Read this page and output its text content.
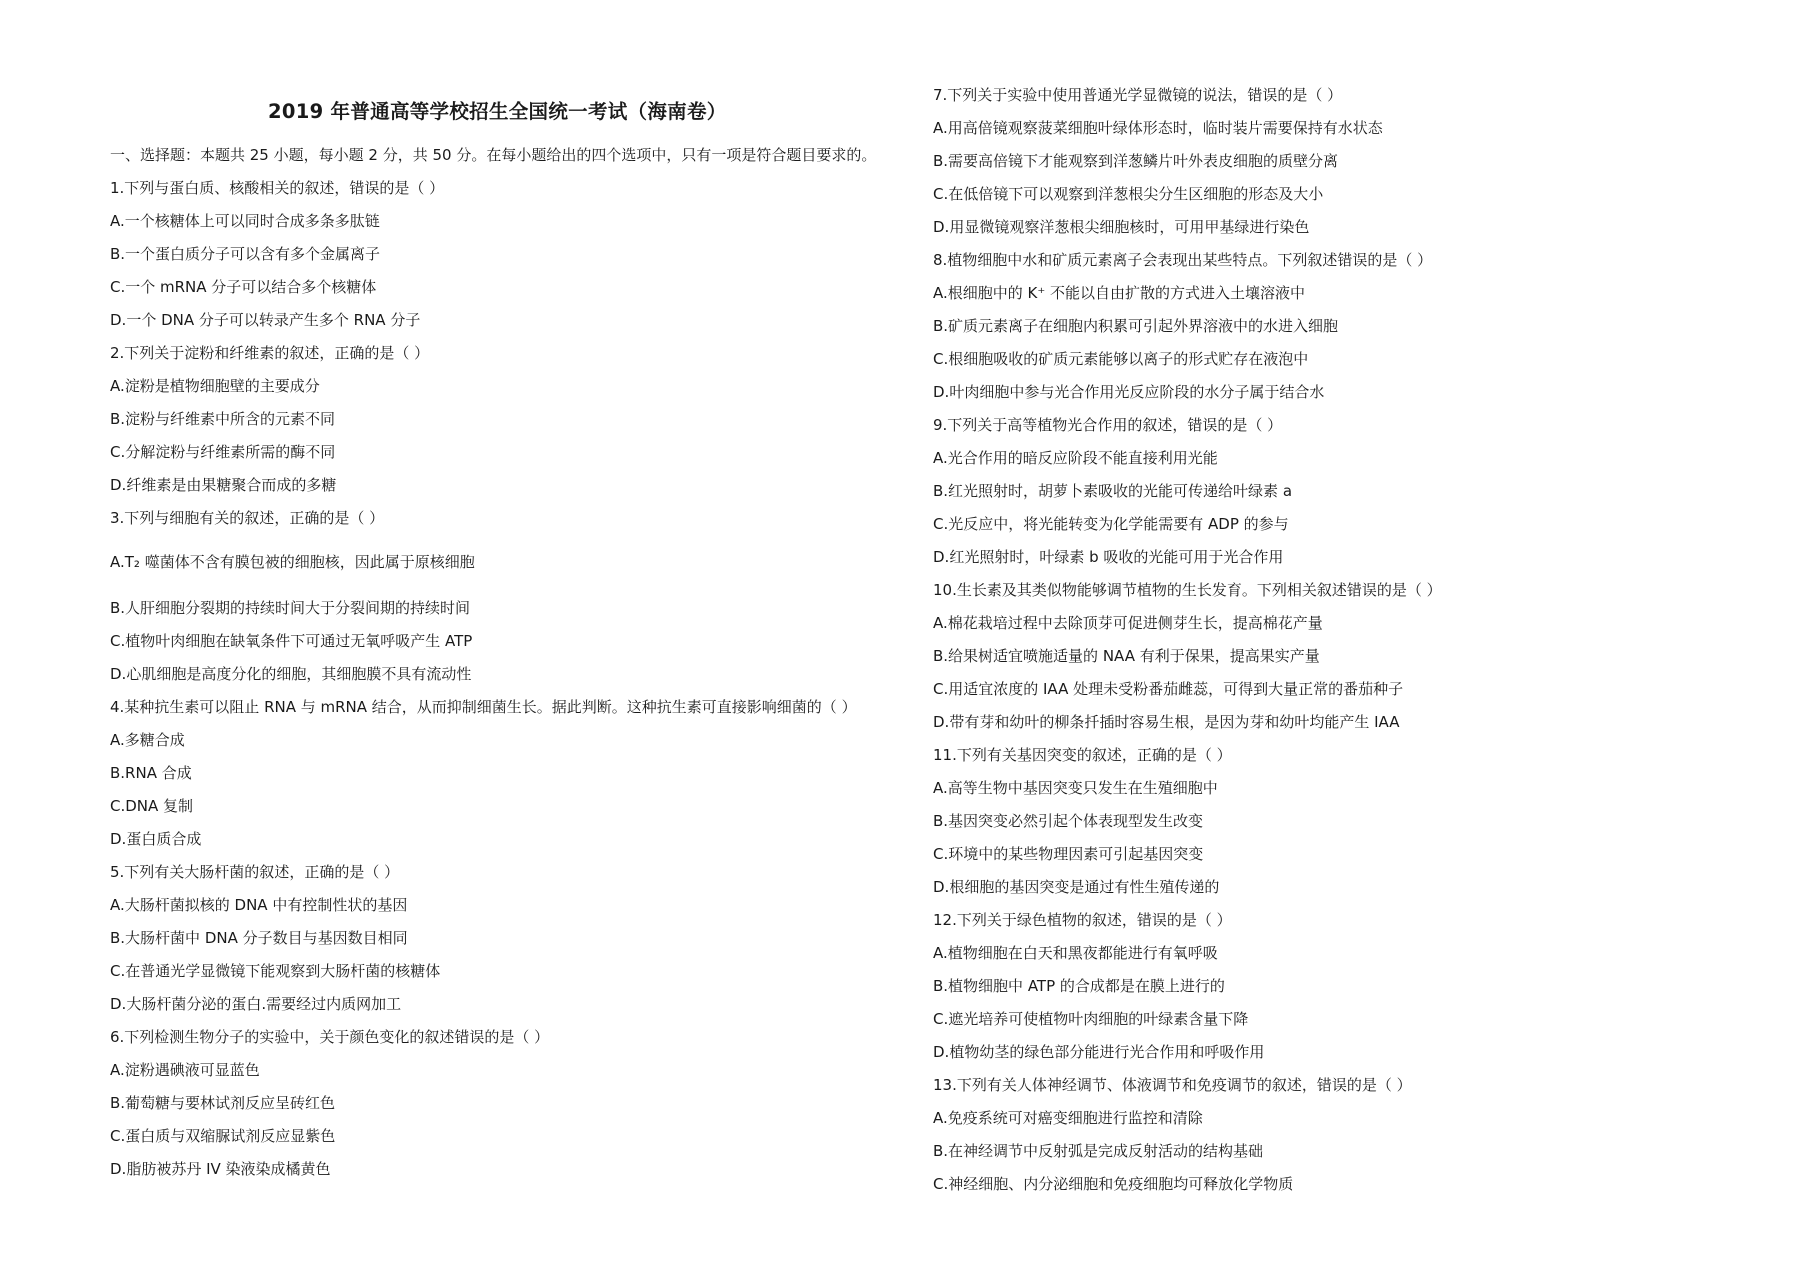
2019 年普通高等学校招生全国统一考试（海南卷）
一、选择题：本题共 25 小题，每小题 2 分，共 50 分。在每小题给出的四个选项中，只有一项是符合题目要求的。
1.下列与蛋白质、核酸相关的叙述，错误的是（ ）
A.一个核糖体上可以同时合成多条多肽链
B.一个蛋白质分子可以含有多个金属离子
C.一个 mRNA 分子可以结合多个核糖体
D.一个 DNA 分子可以转录产生多个 RNA 分子
2.下列关于淀粉和纤维素的叙述，正确的是（ ）
A.淀粉是植物细胞壁的主要成分
B.淀粉与纤维素中所含的元素不同
C.分解淀粉与纤维素所需的酶不同
D.纤维素是由果糖聚合而成的多糖
3.下列与细胞有关的叙述，正确的是（ ）
A.T₂ 噬菌体不含有膜包被的细胞核，因此属于原核细胞
B.人肝细胞分裂期的持续时间大于分裂间期的持续时间
C.植物叶肉细胞在缺氧条件下可通过无氧呼吸产生 ATP
D.心肌细胞是高度分化的细胞，其细胞膜不具有流动性
4.某种抗生素可以阻止 RNA 与 mRNA 结合，从而抑制细菌生长。据此判断。这种抗生素可直接影响细菌的（ ）
A.多糖合成
B.RNA 合成
C.DNA 复制
D.蛋白质合成
5.下列有关大肠杆菌的叙述，正确的是（ ）
A.大肠杆菌拟核的 DNA 中有控制性状的基因
B.大肠杆菌中 DNA 分子数目与基因数目相同
C.在普通光学显微镜下能观察到大肠杆菌的核糖体
D.大肠杆菌分泌的蛋白.需要经过内质网加工
6.下列检测生物分子的实验中，关于颜色变化的叙述错误的是（ ）
A.淀粉遇碘液可显蓝色
B.葡萄糖与要林试剂反应呈砖红色
C.蛋白质与双缩脲试剂反应显紫色
D.脂肪被苏丹 IV 染液染成橘黄色
7.下列关于实验中使用普通光学显微镜的说法，错误的是（ ）
A.用高倍镜观察菠菜细胞叶绿体形态时，临时装片需要保持有水状态
B.需要高倍镜下才能观察到洋葱鳞片叶外表皮细胞的质壁分离
C.在低倍镜下可以观察到洋葱根尖分生区细胞的形态及大小
D.用显微镜观察洋葱根尖细胞核时，可用甲基绿进行染色
8.植物细胞中水和矿质元素离子会表现出某些特点。下列叙述错误的是（ ）
A.根细胞中的 K⁺ 不能以自由扩散的方式进入土壤溶液中
B.矿质元素离子在细胞内积累可引起外界溶液中的水进入细胞
C.根细胞吸收的矿质元素能够以离子的形式贮存在液泡中
D.叶肉细胞中参与光合作用光反应阶段的水分子属于结合水
9.下列关于高等植物光合作用的叙述，错误的是（ ）
A.光合作用的暗反应阶段不能直接利用光能
B.红光照射时，胡萝卜素吸收的光能可传递给叶绿素 a
C.光反应中，将光能转变为化学能需要有 ADP 的参与
D.红光照射时，叶绿素 b 吸收的光能可用于光合作用
10.生长素及其类似物能够调节植物的生长发育。下列相关叙述错误的是（ ）
A.棉花栽培过程中去除顶芽可促进侧芽生长，提高棉花产量
B.给果树适宜喷施适量的 NAA 有利于保果，提高果实产量
C.用适宜浓度的 IAA 处理未受粉番茄雌蕊，可得到大量正常的番茄种子
D.带有芽和幼叶的柳条扦插时容易生根，是因为芽和幼叶均能产生 IAA
11.下列有关基因突变的叙述，正确的是（ ）
A.高等生物中基因突变只发生在生殖细胞中
B.基因突变必然引起个体表现型发生改变
C.环境中的某些物理因素可引起基因突变
D.根细胞的基因突变是通过有性生殖传递的
12.下列关于绿色植物的叙述，错误的是（ ）
A.植物细胞在白天和黑夜都能进行有氧呼吸
B.植物细胞中 ATP 的合成都是在膜上进行的
C.遮光培养可使植物叶肉细胞的叶绿素含量下降
D.植物幼茎的绿色部分能进行光合作用和呼吸作用
13.下列有关人体神经调节、体液调节和免疫调节的叙述，错误的是（ ）
A.免疫系统可对癌变细胞进行监控和清除
B.在神经调节中反射弧是完成反射活动的结构基础
C.神经细胞、内分泌细胞和免疫细胞均可释放化学物质
